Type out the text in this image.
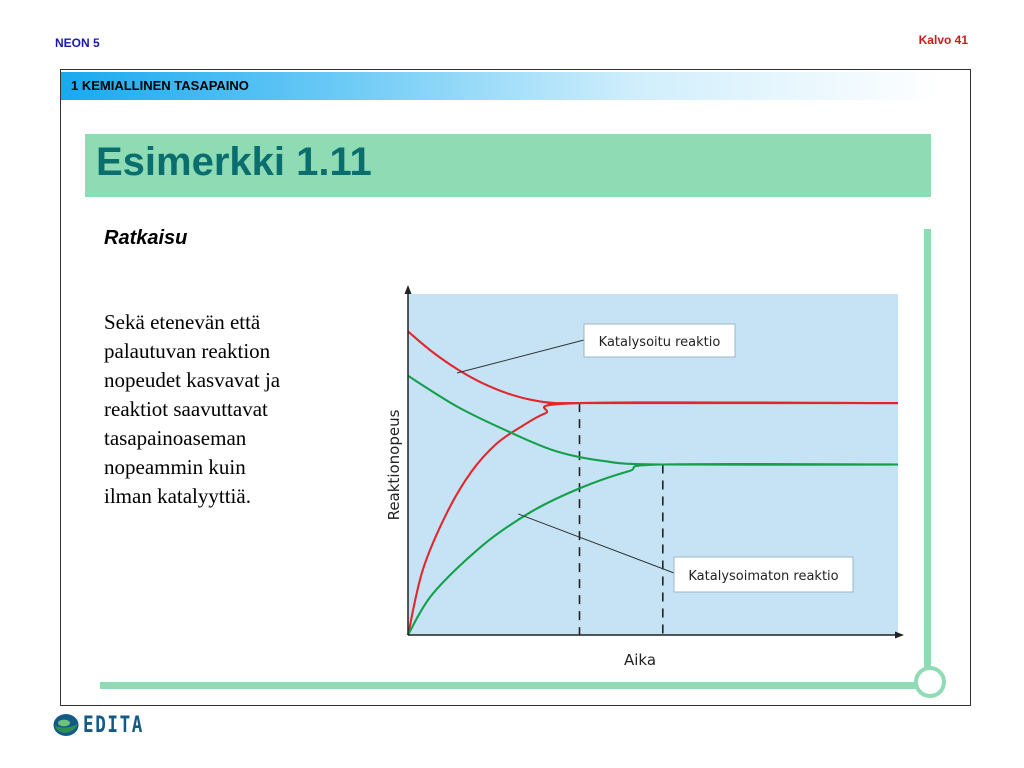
NEON 5	Kalvo 41
1 KEMIALLINEN TASAPAINO
Esimerkki 1.11
Ratkaisu
Sekä etenevän että
palautuvan reaktion
nopeudet kasvavat ja
reaktiot saavuttavat
tasapainoaseman
nopeammin kuin
ilman katalyyttiä.
Aika
Reaktionopeus
Katalysoitu reaktio
Katalysoimaton reaktio
EDITA
